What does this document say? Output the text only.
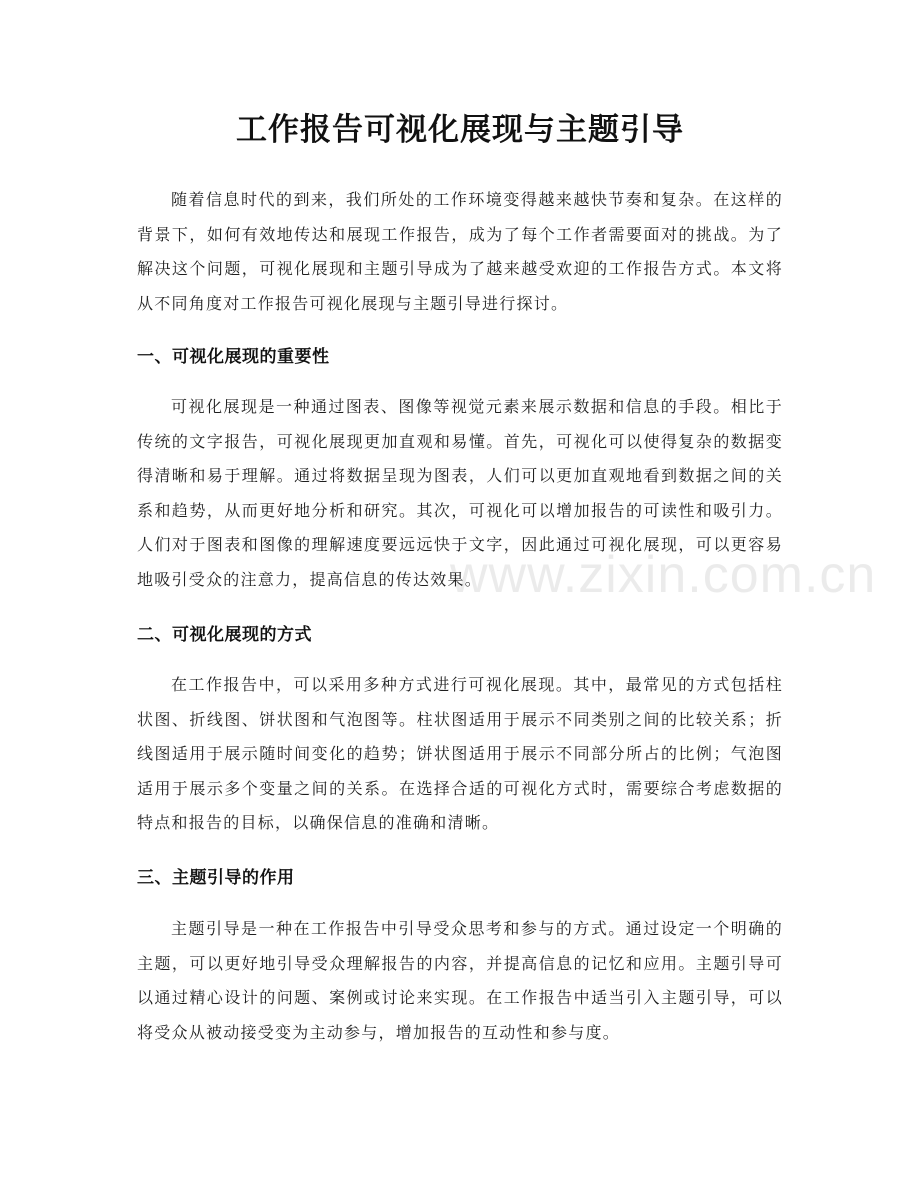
工作报告可视化展现与主题引导

随着信息时代的到来，我们所处的工作环境变得越来越快节奏和复杂。在这样的背景下，如何有效地传达和展现工作报告，成为了每个工作者需要面对的挑战。为了解决这个问题，可视化展现和主题引导成为了越来越受欢迎的工作报告方式。本文将从不同角度对工作报告可视化展现与主题引导进行探讨。

一、可视化展现的重要性

可视化展现是一种通过图表、图像等视觉元素来展示数据和信息的手段。相比于传统的文字报告，可视化展现更加直观和易懂。首先，可视化可以使得复杂的数据变得清晰和易于理解。通过将数据呈现为图表，人们可以更加直观地看到数据之间的关系和趋势，从而更好地分析和研究。其次，可视化可以增加报告的可读性和吸引力。人们对于图表和图像的理解速度要远远快于文字，因此通过可视化展现，可以更容易地吸引受众的注意力，提高信息的传达效果。

二、可视化展现的方式

在工作报告中，可以采用多种方式进行可视化展现。其中，最常见的方式包括柱状图、折线图、饼状图和气泡图等。柱状图适用于展示不同类别之间的比较关系；折线图适用于展示随时间变化的趋势；饼状图适用于展示不同部分所占的比例；气泡图适用于展示多个变量之间的关系。在选择合适的可视化方式时，需要综合考虑数据的特点和报告的目标，以确保信息的准确和清晰。

三、主题引导的作用

主题引导是一种在工作报告中引导受众思考和参与的方式。通过设定一个明确的主题，可以更好地引导受众理解报告的内容，并提高信息的记忆和应用。主题引导可以通过精心设计的问题、案例或讨论来实现。在工作报告中适当引入主题引导，可以将受众从被动接受变为主动参与，增加报告的互动性和参与度。

www.zixin.com.cn
